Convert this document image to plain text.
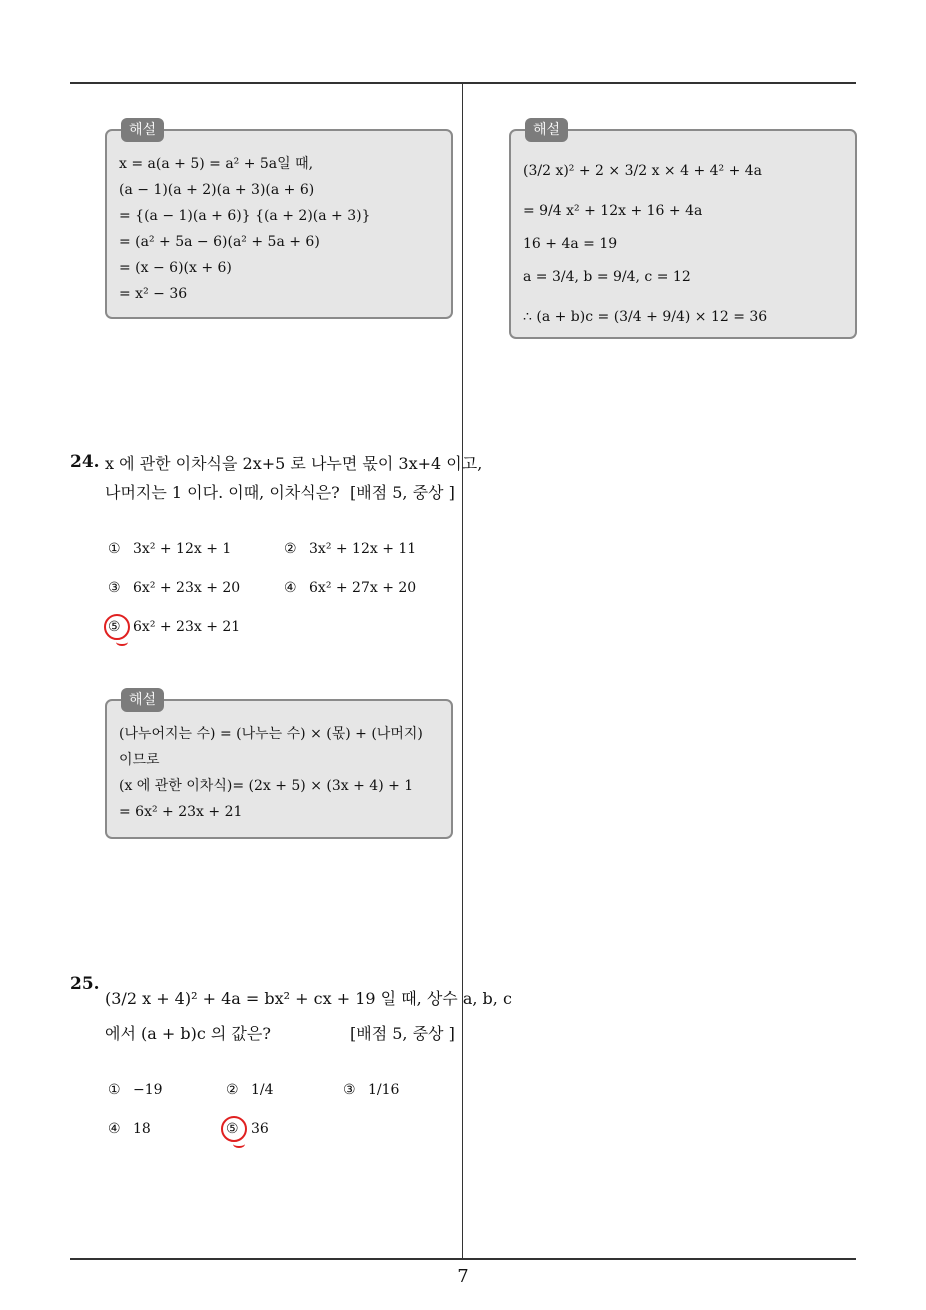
해설
x = a(a + 5) = a² + 5a일 때,
(a − 1)(a + 2)(a + 3)(a + 6)
= {(a − 1)(a + 6)} {(a + 2)(a + 3)}
= (a² + 5a − 6)(a² + 5a + 6)
= (x − 6)(x + 6)
= x² − 36
해설
(3/2 x)² + 2 × 3/2 x × 4 + 4² + 4a
= 9/4 x² + 12x + 16 + 4a
16 + 4a = 19
a = 3/4, b = 9/4, c = 12
∴ (a + b)c = (3/4 + 9/4) × 12 = 36
24. x 에 관한 이차식을 2x+5 로 나누면 몫이 3x+4 이고,
나머지는 1 이다. 이때, 이차식은? [배점 5, 중상 ]
① 3x² + 12x + 1	② 3x² + 12x + 11
③ 6x² + 23x + 20	④ 6x² + 27x + 20
⑤ 6x² + 23x + 21
해설
(나누어지는 수) = (나누는 수) × (몫) + (나머지)
이므로
(x 에 관한 이차식)= (2x + 5) × (3x + 4) + 1
= 6x² + 23x + 21
25.
(3/2 x + 4)² + 4a = bx² + cx + 19 일 때, 상수 a, b, c
에서 (a + b)c 의 값은?	[배점 5, 중상 ]
① −19	② 1/4	③ 1/16
④ 18	⑤ 36
7
